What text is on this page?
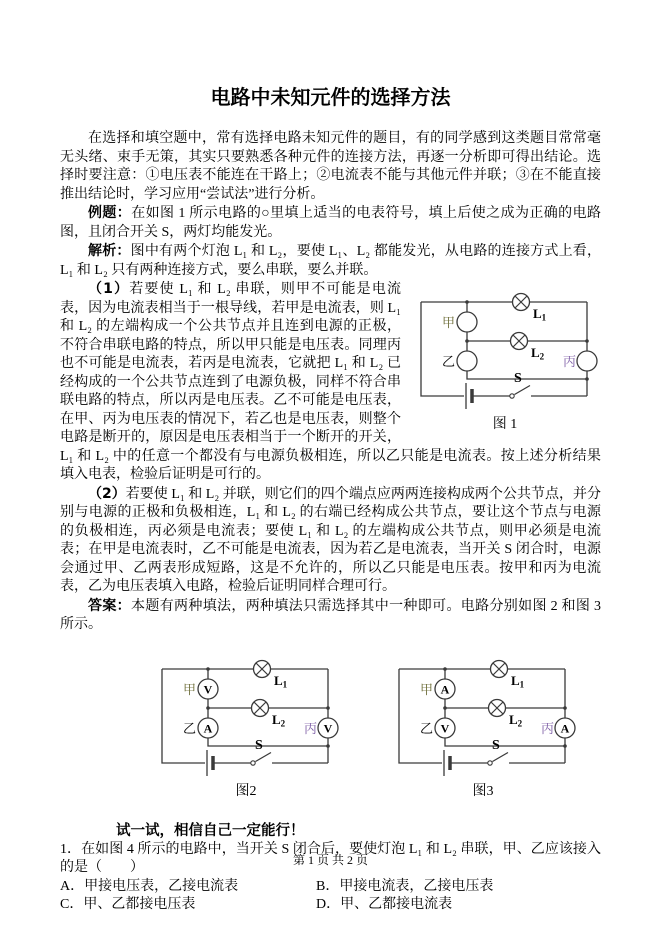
电路中未知元件的选择方法

在选择和填空题中，常有选择电路未知元件的题目，有的同学感到这类题目常常毫无头绪、束手无策，其实只要熟悉各种元件的连接方法，再逐一分析即可得出结论。选择时要注意：①电压表不能连在干路上；②电流表不能与其他元件并联；③在不能直接推出结论时，学习应用“尝试法”进行分析。

例题：在如图 1 所示电路的○里填上适当的电表符号，填上后使之成为正确的电路图，且闭合开关 S，两灯均能发光。

解析：图中有两个灯泡 L₁ 和 L₂，要使 L₁、L₂ 都能发光，从电路的连接方式上看，L₁ 和 L₂ 只有两种连接方式，要么串联，要么并联。

L1
L2
甲
乙	丙
S
图 1

（1）若要使 L₁ 和 L₂ 串联，则甲不可能是电流表，因为电流表相当于一根导线，若甲是电流表，则 L₁ 和 L₂ 的左端构成一个公共节点并且连到电源的正极，不符合串联电路的特点，所以甲只能是电压表。同理丙也不可能是电流表，若丙是电流表，它就把 L₁ 和 L₂ 已经构成的一个公共节点连到了电源负极，同样不符合串联电路的特点，所以丙是电压表。乙不可能是电压表，在甲、丙为电压表的情况下，若乙也是电压表，则整个电路是断开的，原因是电压表相当于一个断开的开关，L₁ 和 L₂ 中的任意一个都没有与电源负极相连，所以乙只能是电流表。按上述分析结果填入电表，检验后证明是可行的。

（2）若要使 L₁ 和 L₂ 并联，则它们的四个端点应两两连接构成两个公共节点，并分别与电源的正极和负极相连，L₁ 和 L₂ 的右端已经构成公共节点，要让这个节点与电源的负极相连，丙必须是电流表；要使 L₁ 和 L₂ 的左端构成公共节点，则甲必须是电流表；在甲是电流表时，乙不可能是电流表，因为若乙是电流表，当开关 S 闭合时，电源会通过甲、乙两表形成短路，这是不允许的，所以乙只能是电压表。按甲和丙为电流表，乙为电压表填入电路，检验后证明同样合理可行。

答案：本题有两种填法，两种填法只需选择其中一种即可。电路分别如图 2 和图 3 所示。

L1
L2
V
A	V
甲
乙	丙
S
图2
L1
L2
A
V	A
甲
乙	丙
S
图3

试一试，相信自己一定能行！

1．在如图 4 所示的电路中，当开关 S 闭合后，要使灯泡 L₁ 和 L₂ 串联，甲、乙应该接入的是（　　）

A．甲接电压表，乙接电流表	B．甲接电流表，乙接电压表
C．甲、乙都接电压表	D．甲、乙都接电流表
第 1 页 共 2 页
